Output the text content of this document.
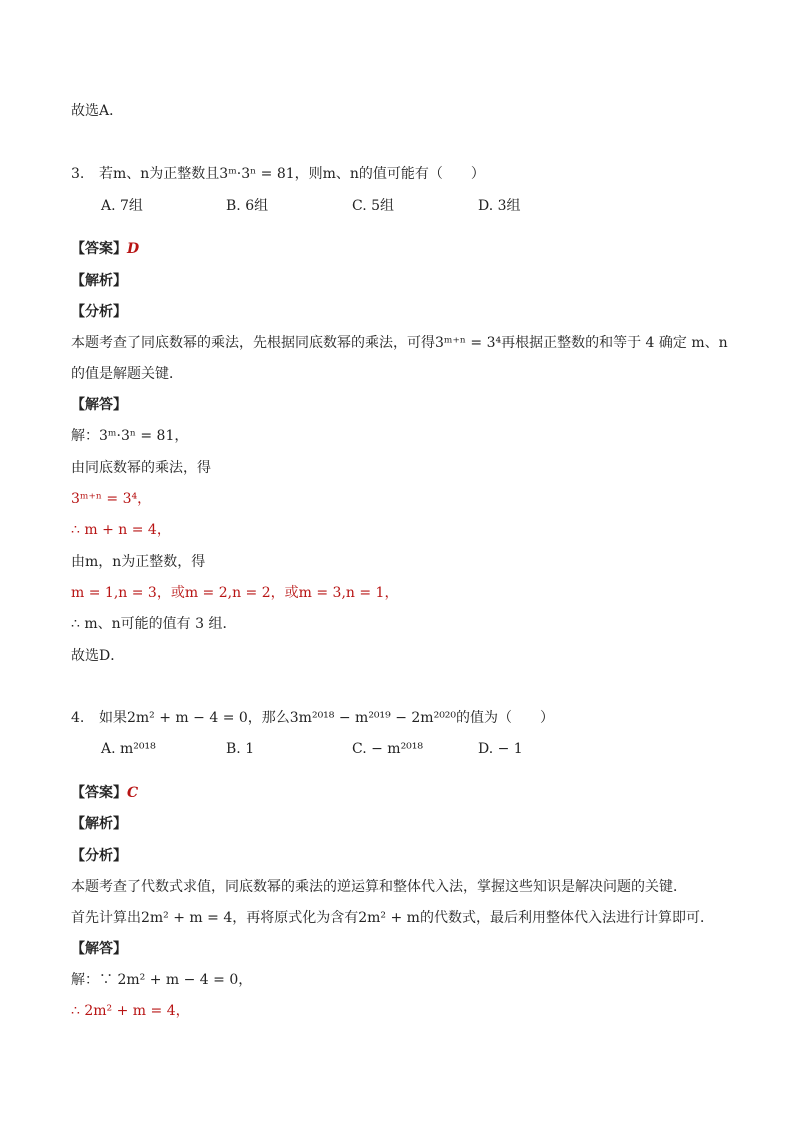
故选A．
3. 若m、n为正整数且3ᵐ·3ⁿ = 81，则m、n的值可能有（　　）
A. 7组	B. 6组	C. 5组	D. 3组
【答案】D
【解析】
【分析】
本题考查了同底数幂的乘法，先根据同底数幂的乘法，可得3ᵐ⁺ⁿ = 3⁴再根据正整数的和等于 4 确定 m、n
的值是解题关键．
【解答】
解：3ᵐ·3ⁿ = 81，
由同底数幂的乘法，得
3ᵐ⁺ⁿ = 3⁴，
∴ m + n = 4，
由m，n为正整数，得
m = 1,n = 3，或m = 2,n = 2，或m = 3,n = 1，
∴ m、n可能的值有 3 组．
故选D．
4. 如果2m² + m − 4 = 0，那么3m²⁰¹⁸ − m²⁰¹⁹ − 2m²⁰²⁰的值为（　　）
A. m²⁰¹⁸	B. 1	C. − m²⁰¹⁸	D. − 1
【答案】C
【解析】
【分析】
本题考查了代数式求值，同底数幂的乘法的逆运算和整体代入法，掌握这些知识是解决问题的关键．
首先计算出2m² + m = 4，再将原式化为含有2m² + m的代数式，最后利用整体代入法进行计算即可．
【解答】
解：∵ 2m² + m − 4 = 0，
∴ 2m² + m = 4，
